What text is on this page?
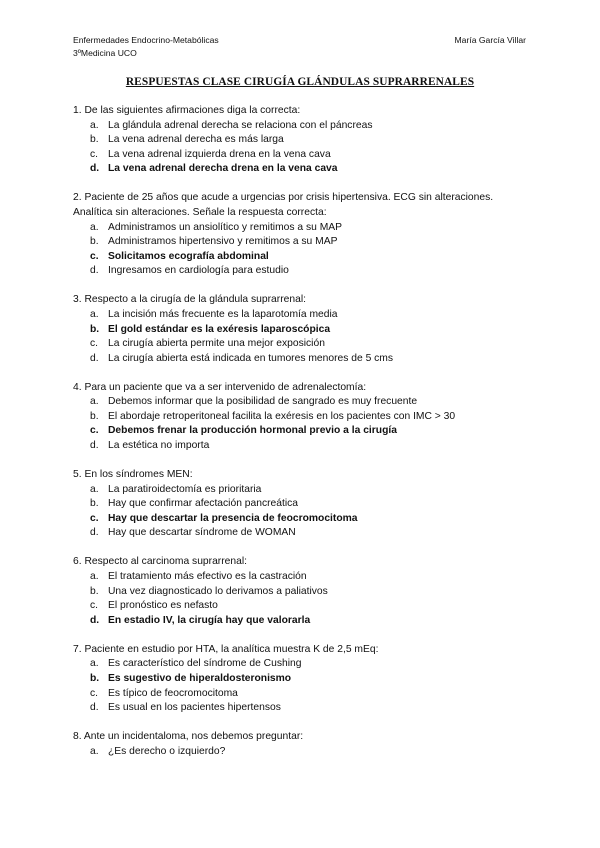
Enfermedades Endocrino-Metabólicas
3ºMedicina UCO
María García Villar
RESPUESTAS CLASE CIRUGÍA GLÁNDULAS SUPRARRENALES
1. De las siguientes afirmaciones diga la correcta:
a. La glándula adrenal derecha se relaciona con el páncreas
b. La vena adrenal derecha es más larga
c. La vena adrenal izquierda drena en la vena cava
d. La vena adrenal derecha drena en la vena cava
2. Paciente de 25 años que acude a urgencias por crisis hipertensiva. ECG sin alteraciones. Analítica sin alteraciones. Señale la respuesta correcta:
a. Administramos un ansiolítico y remitimos a su MAP
b. Administramos hipertensivo y remitimos a su MAP
c. Solicitamos ecografía abdominal
d. Ingresamos en cardiología para estudio
3. Respecto a la cirugía de la glándula suprarrenal:
a. La incisión más frecuente es la laparotomía media
b. El gold estándar es la exéresis laparoscópica
c. La cirugía abierta permite una mejor exposición
d. La cirugía abierta está indicada en tumores menores de 5 cms
4. Para un paciente que va a ser intervenido de adrenalectomía:
a. Debemos informar que la posibilidad de sangrado es muy frecuente
b. El abordaje retroperitoneal facilita la exéresis en los pacientes con IMC > 30
c. Debemos frenar la producción hormonal previo a la cirugía
d. La estética no importa
5. En los síndromes MEN:
a. La paratiroidectomía es prioritaria
b. Hay que confirmar afectación pancreática
c. Hay que descartar la presencia de feocromocitoma
d. Hay que descartar síndrome de WOMAN
6. Respecto al carcinoma suprarrenal:
a. El tratamiento más efectivo es la castración
b. Una vez diagnosticado lo derivamos a paliativos
c. El pronóstico es nefasto
d. En estadio IV, la cirugía hay que valorarla
7. Paciente en estudio por HTA, la analítica muestra K de 2,5 mEq:
a. Es característico del síndrome de Cushing
b. Es sugestivo de hiperaldosteronismo
c. Es típico de feocromocitoma
d. Es usual en los pacientes hipertensos
8. Ante un incidentaloma, nos debemos preguntar:
a. ¿Es derecho o izquierdo?
